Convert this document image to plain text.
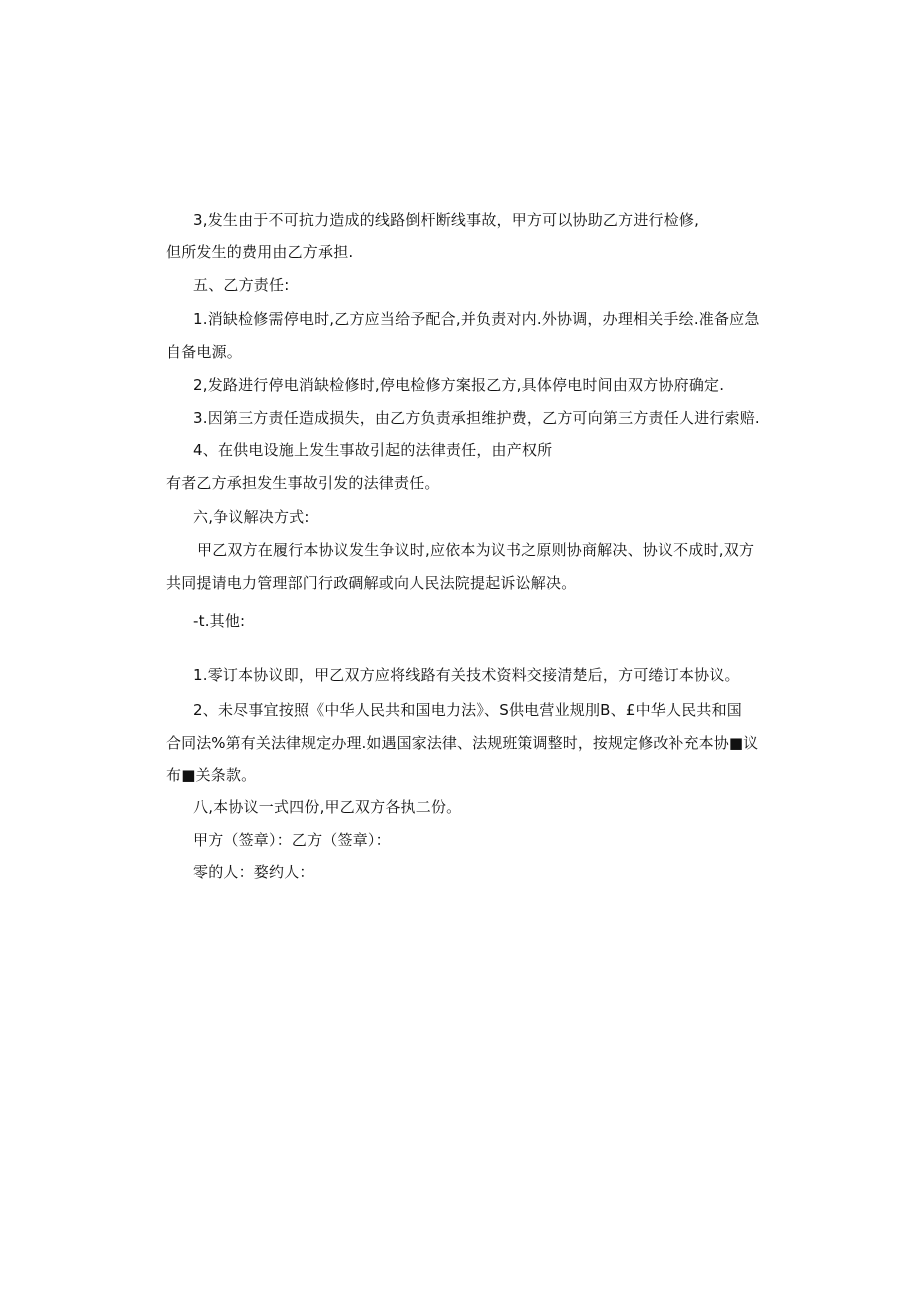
3,发生由于不可抗力造成的线路倒杆断线事故，甲方可以协助乙方进行检修,
但所发生的费用由乙方承担.
五、乙方责任:
1.消缺检修需停电时,乙方应当给予配合,并负责对内.外协调，办理相关手绘.准备应急
自备电源。
2,发路进行停电消缺检修时,停电检修方案报乙方,具体停电时间由双方协府确定.
3.因第三方责任造成损失，由乙方负责承担维护费，乙方可向第三方责任人进行索赔.
4、在供电设施上发生事故引起的法律责任，由产权所
有者乙方承担发生事故引发的法律责任。
六,争议解决方式:
甲乙双方在履行本协议发生争议时,应依本为议书之原则协商解决、协议不成时,双方
共同提请电力管理部门行政碉解或向人民法院提起诉讼解决。
-t.其他:
1.零订本协议即，甲乙双方应将线路有关技术资料交接清楚后，方可绻订本协议。
2、未尽事宜按照《中华人民共和国电力法》、S供电营业规刖B、£中华人民共和国
合同法%第有关法律规定办理.如遇国家法律、法规班策调整时，按规定修改补充本协■议
布■关条款。
八,本协议一式四份,甲乙双方各执二份。
甲方（签章）：乙方（签章）：
零的人：婺约人：
